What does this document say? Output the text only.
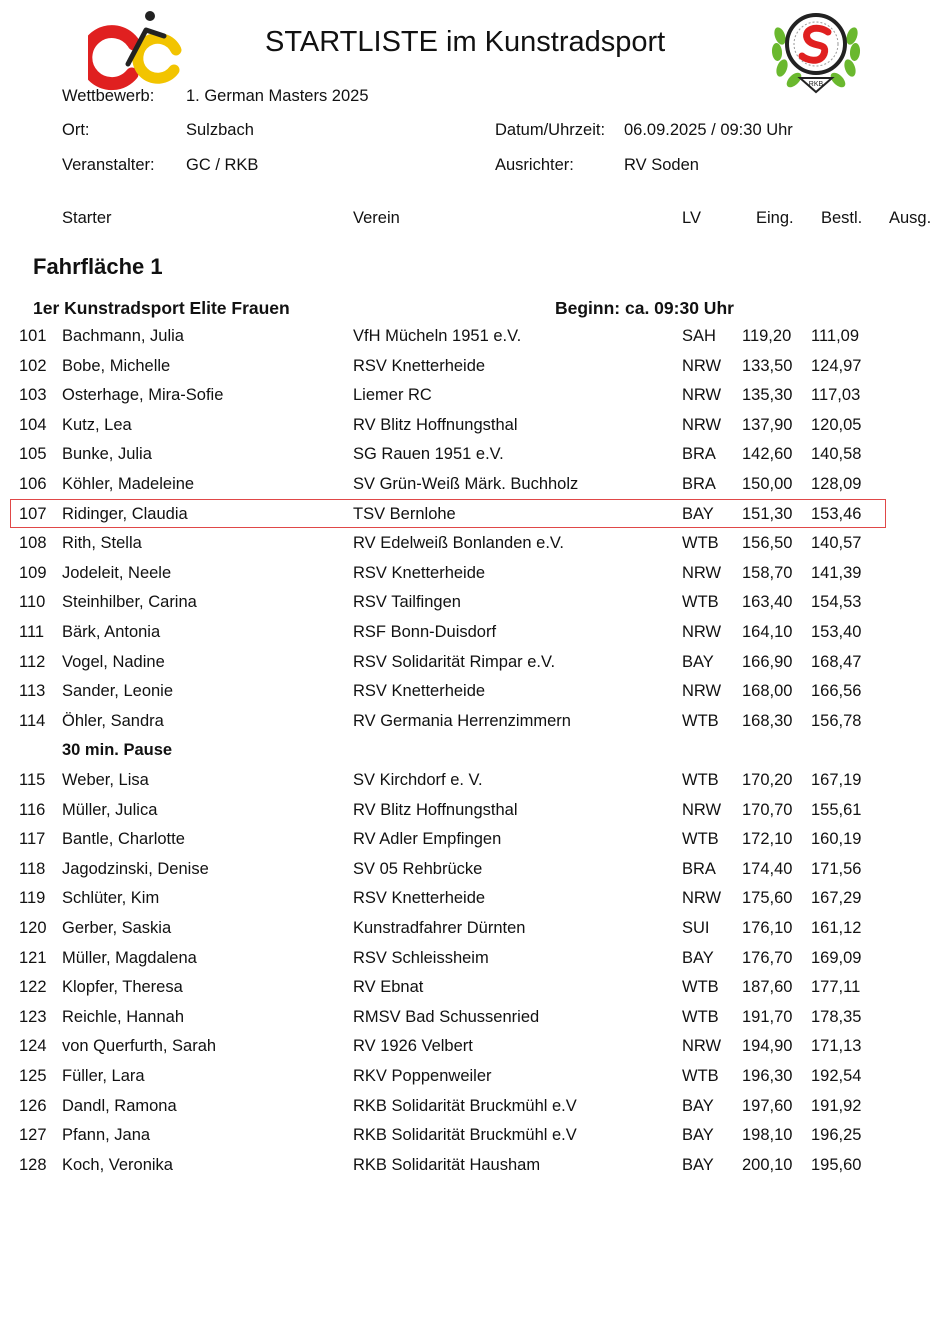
GC
RKB
STARTLISTE im Kunstradsport
Wettbewerb: 1. German Masters 2025
Ort:	Sulzbach	Datum/Uhrzeit: 06.09.2025 / 09:30 Uhr
Veranstalter: GC / RKB	Ausrichter:	RV Soden
Starter	Verein	LV	Eing. Bestl. Ausg.
Fahrfläche 1
1er Kunstradsport Elite Frauen	Beginn: ca. 09:30 Uhr
101 Bachmann, Julia	VfH Mücheln 1951 e.V.	SAH 119,20 111,09
102 Bobe, Michelle	RSV Knetterheide	NRW 133,50 124,97
103 Osterhage, Mira-Sofie	Liemer RC	NRW 135,30 117,03
104 Kutz, Lea	RV Blitz Hoffnungsthal	NRW 137,90 120,05
105 Bunke, Julia	SG Rauen 1951 e.V.	BRA 142,60 140,58
106 Köhler, Madeleine	SV Grün-Weiß Märk. Buchholz	BRA 150,00 128,09
107 Ridinger, Claudia	TSV Bernlohe	BAY 151,30 153,46
108 Rith, Stella	RV Edelweiß Bonlanden e.V.	WTB 156,50 140,57
109 Jodeleit, Neele	RSV Knetterheide	NRW 158,70 141,39
110 Steinhilber, Carina	RSV Tailfingen	WTB 163,40 154,53
111 Bärk, Antonia	RSF Bonn-Duisdorf	NRW 164,10 153,40
112 Vogel, Nadine	RSV Solidarität Rimpar e.V.	BAY 166,90 168,47
113 Sander, Leonie	RSV Knetterheide	NRW 168,00 166,56
114 Öhler, Sandra	RV Germania Herrenzimmern	WTB 168,30 156,78
30 min. Pause
115 Weber, Lisa	SV Kirchdorf e. V.	WTB 170,20 167,19
116 Müller, Julica	RV Blitz Hoffnungsthal	NRW 170,70 155,61
117 Bantle, Charlotte	RV Adler Empfingen	WTB 172,10 160,19
118 Jagodzinski, Denise	SV 05 Rehbrücke	BRA 174,40 171,56
119 Schlüter, Kim	RSV Knetterheide	NRW 175,60 167,29
120 Gerber, Saskia	Kunstradfahrer Dürnten	SUI 176,10 161,12
121 Müller, Magdalena	RSV Schleissheim	BAY 176,70 169,09
122 Klopfer, Theresa	RV Ebnat	WTB 187,60 177,11
123 Reichle, Hannah	RMSV Bad Schussenried	WTB 191,70 178,35
124 von Querfurth, Sarah	RV 1926 Velbert	NRW 194,90 171,13
125 Füller, Lara	RKV Poppenweiler	WTB 196,30 192,54
126 Dandl, Ramona	RKB Solidarität Bruckmühl e.V	BAY 197,60 191,92
127 Pfann, Jana	RKB Solidarität Bruckmühl e.V	BAY 198,10 196,25
128 Koch, Veronika	RKB Solidarität Hausham	BAY 200,10 195,60
